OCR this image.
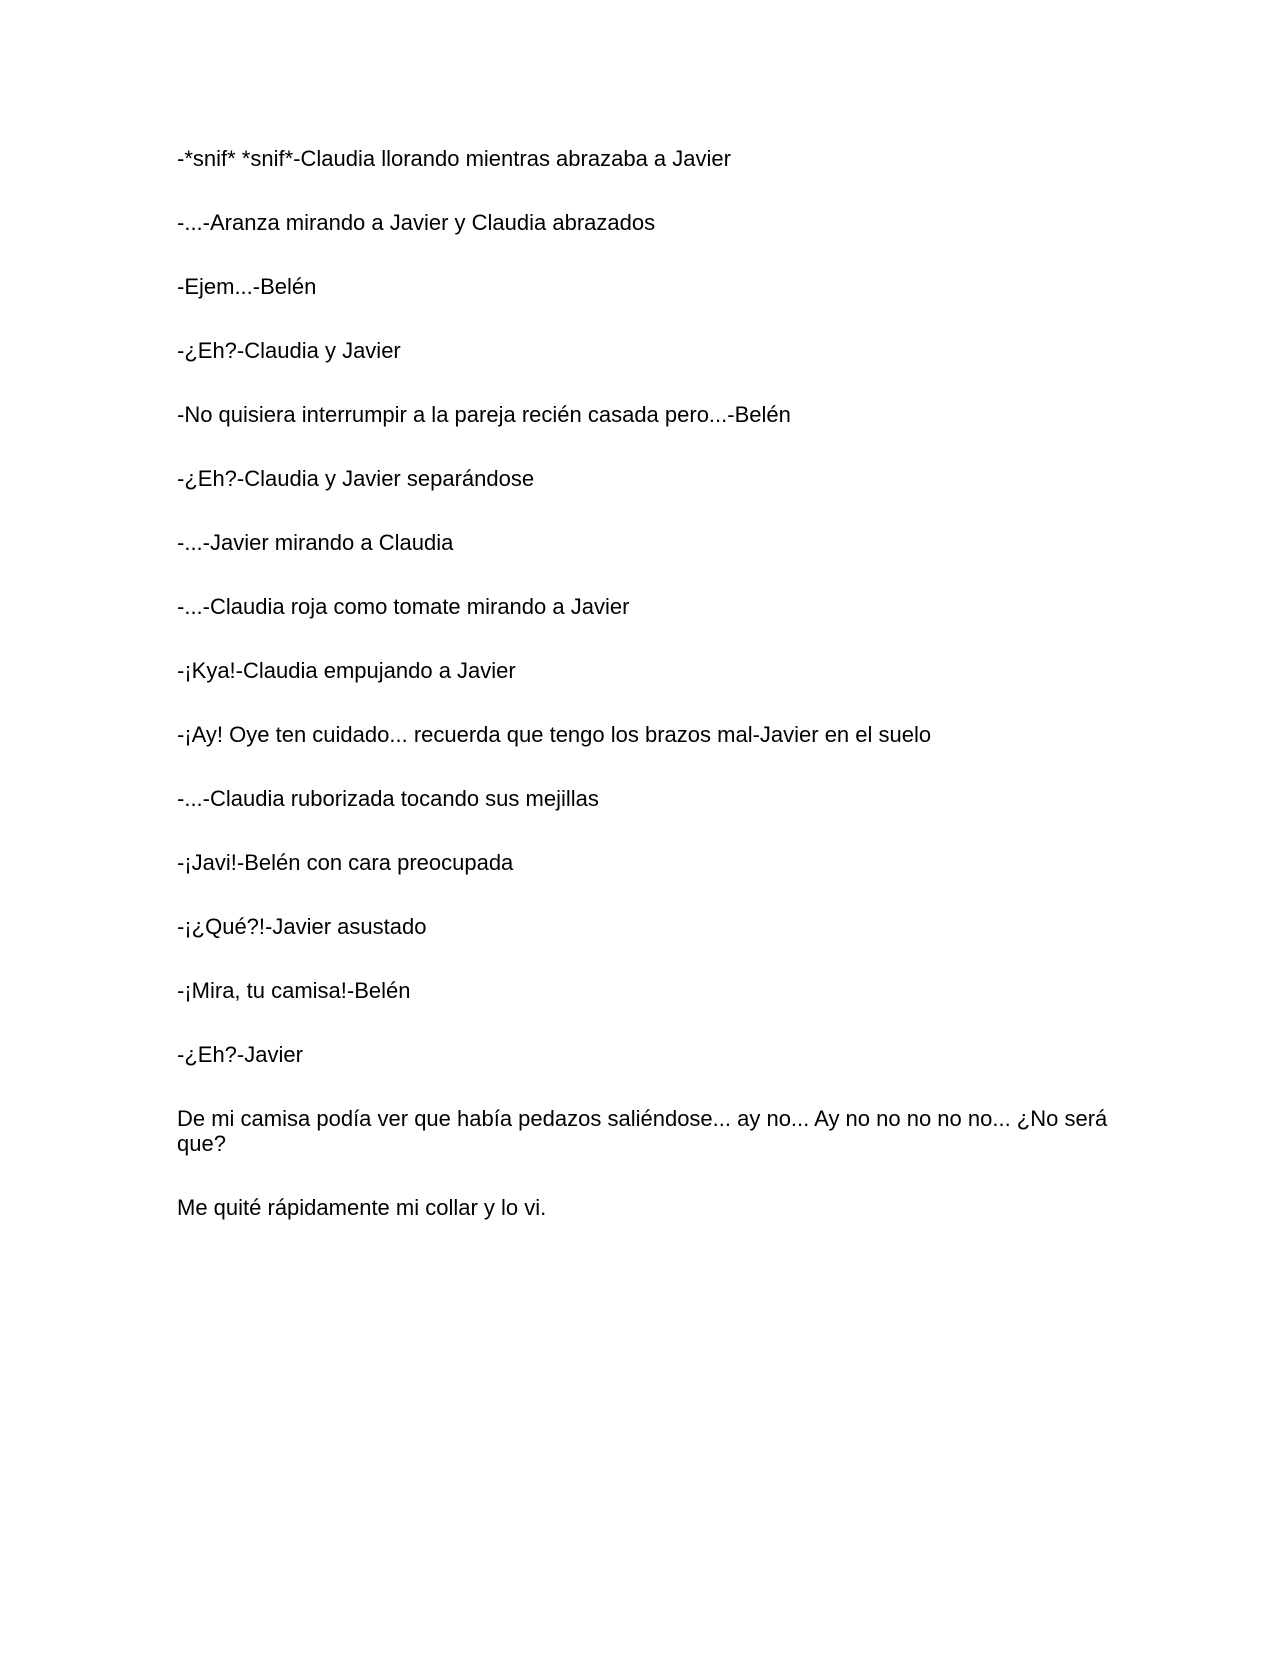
-*snif* *snif*-Claudia llorando mientras abrazaba a Javier

-...-Aranza mirando a Javier y Claudia abrazados

-Ejem...-Belén

-¿Eh?-Claudia y Javier

-No quisiera interrumpir a la pareja recién casada pero...-Belén

-¿Eh?-Claudia y Javier separándose

-...-Javier mirando a Claudia

-...-Claudia roja como tomate mirando a Javier

-¡Kya!-Claudia empujando a Javier

-¡Ay! Oye ten cuidado... recuerda que tengo los brazos mal-Javier en el suelo

-...-Claudia ruborizada tocando sus mejillas

-¡Javi!-Belén con cara preocupada

-¡¿Qué?!-Javier asustado

-¡Mira, tu camisa!-Belén

-¿Eh?-Javier

De mi camisa podía ver que había pedazos saliéndose... ay no... Ay no no no no no... ¿No será que?

Me quité rápidamente mi collar y lo vi.
